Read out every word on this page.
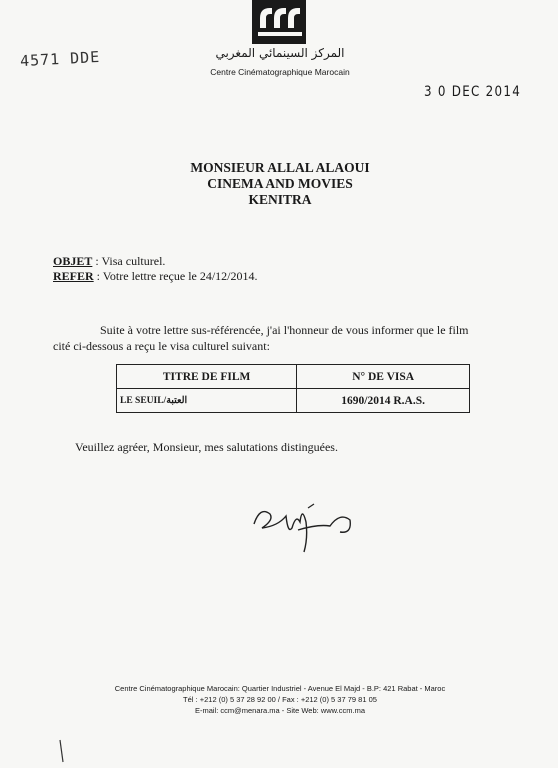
المركز السينمائي المغربي
Centre Cinématographique Marocain
4571 DDE
3 0 DEC 2014
MONSIEUR ALLAL ALAOUI
CINEMA AND MOVIES
KENITRA
OBJET : Visa culturel.
REFER : Votre lettre reçue le 24/12/2014.
Suite à votre lettre sus-référencée, j'ai l'honneur de vous informer que le film cité ci-dessous a reçu le visa culturel suivant:
TITRE DE FILM	N° DE VISA
LE SEUIL/العتبة	1690/2014 R.A.S.
Veuillez agréer, Monsieur, mes salutations distinguées.
Centre Cinématographique Marocain: Quartier Industriel - Avenue El Majd - B.P: 421 Rabat - Maroc
Tél : +212 (0) 5 37 28 92 00 / Fax : +212 (0) 5 37 79 81 05
E-mail: ccm@menara.ma - Site Web: www.ccm.ma
